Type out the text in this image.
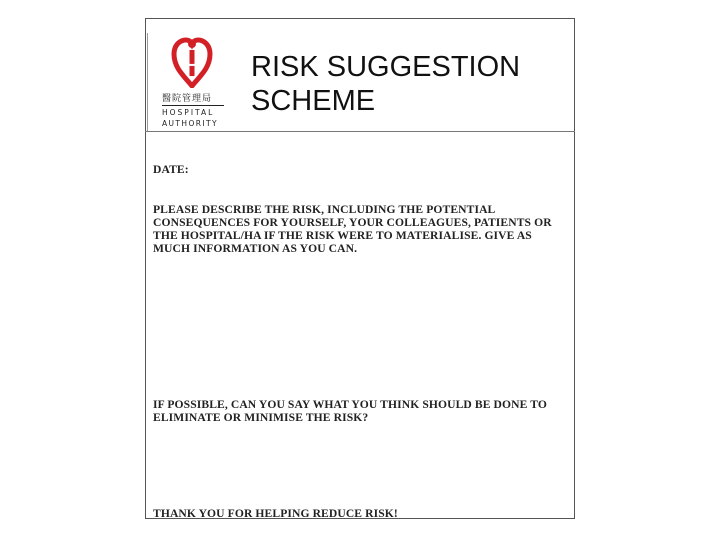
醫院管理局
HOSPITAL
AUTHORITY
RISK SUGGESTION
SCHEME
DATE:
PLEASE DESCRIBE THE RISK, INCLUDING THE POTENTIAL CONSEQUENCES FOR YOURSELF, YOUR COLLEAGUES, PATIENTS OR THE HOSPITAL/HA IF THE RISK WERE TO MATERIALISE. GIVE AS MUCH INFORMATION AS YOU CAN.
IF POSSIBLE, CAN YOU SAY WHAT YOU THINK SHOULD BE DONE TO ELIMINATE OR MINIMISE THE RISK?
THANK YOU FOR HELPING REDUCE RISK!
